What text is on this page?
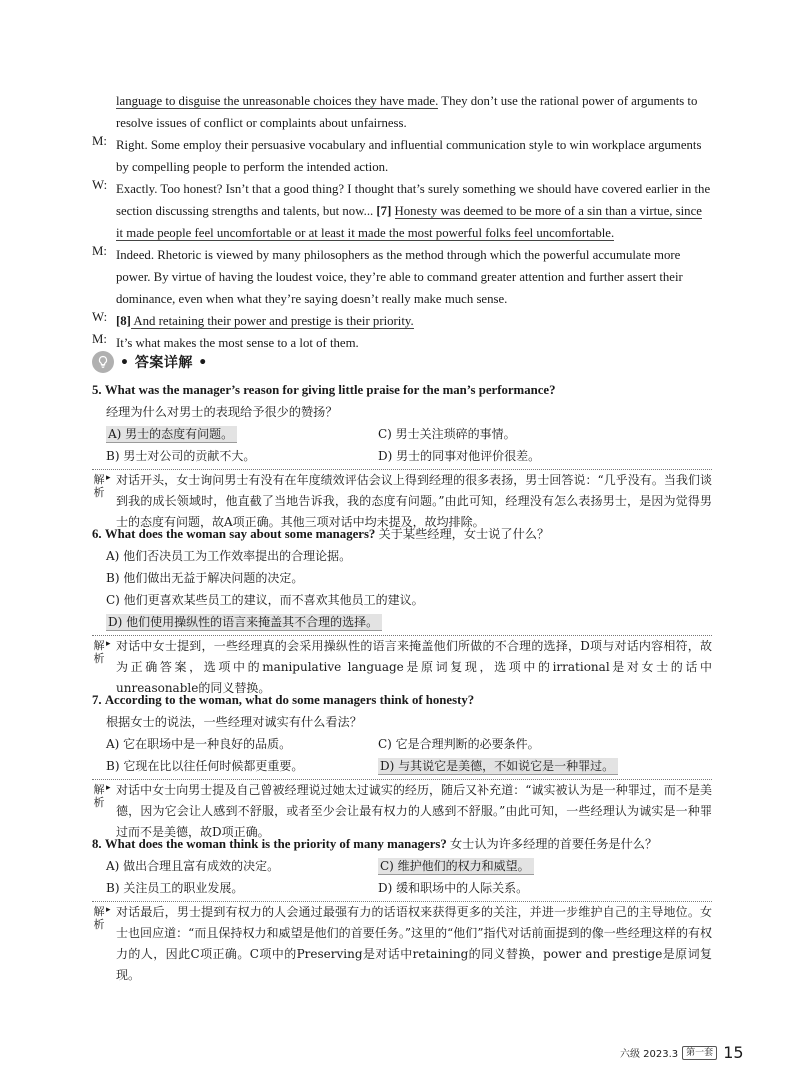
language to disguise the unreasonable choices they have made. They don’t use the rational power of arguments to resolve issues of conflict or complaints about unfairness.
M: Right. Some employ their persuasive vocabulary and influential communication style to win workplace arguments by compelling people to perform the intended action.
W: Exactly. Too honest? Isn’t that a good thing? I thought that’s surely something we should have covered earlier in the section discussing strengths and talents, but now... [7] Honesty was deemed to be more of a sin than a virtue, since it made people feel uncomfortable or at least it made the most powerful folks feel uncomfortable.
M: Indeed. Rhetoric is viewed by many philosophers as the method through which the powerful accumulate more power. By virtue of having the loudest voice, they’re able to command greater attention and further assert their dominance, even when what they’re saying doesn’t really make much sense.
W: [8] And retaining their power and prestige is their priority.
M: It’s what makes the most sense to a lot of them.
• 答案详解 •
5. What was the manager’s reason for giving little praise for the man’s performance?
经理为什么对男士的表现给予很少的赞扬？
A) 男士的态度有问题。	C) 男士关注琐碎的事情。
B) 男士对公司的贡献不大。	D) 男士的同事对他评价很差。
解
析
▸ 对话开头，女士询问男士有没有在年度绩效评估会议上得到经理的很多表扬，男士回答说：“几乎没有。当我们谈到我的成长领域时，他直截了当地告诉我，我的态度有问题。”由此可知，经理没有怎么表扬男士，是因为觉得男士的态度有问题，故A项正确。其他三项对话中均未提及，故均排除。
6. What does the woman say about some managers? 关于某些经理，女士说了什么？
A) 他们否决员工为工作效率提出的合理论据。
B) 他们做出无益于解决问题的决定。
C) 他们更喜欢某些员工的建议，而不喜欢其他员工的建议。
D) 他们使用操纵性的语言来掩盖其不合理的选择。
解
析
▸ 对话中女士提到，一些经理真的会采用操纵性的语言来掩盖他们所做的不合理的选择，D项与对话内容相符，故为正确答案，选项中的manipulative language是原词复现，选项中的irrational是对女士的话中unreasonable的同义替换。
7. According to the woman, what do some managers think of honesty?
根据女士的说法，一些经理对诚实有什么看法？
A) 它在职场中是一种良好的品质。	C) 它是合理判断的必要条件。
B) 它现在比以往任何时候都更重要。	D) 与其说它是美德，不如说它是一种罪过。
解
析
▸ 对话中女士向男士提及自己曾被经理说过她太过诚实的经历，随后又补充道：“诚实被认为是一种罪过，而不是美德，因为它会让人感到不舒服，或者至少会让最有权力的人感到不舒服。”由此可知，一些经理认为诚实是一种罪过而不是美德，故D项正确。
8. What does the woman think is the priority of many managers? 女士认为许多经理的首要任务是什么？
A) 做出合理且富有成效的决定。	C) 维护他们的权力和威望。
B) 关注员工的职业发展。	D) 缓和职场中的人际关系。
解
析
▸ 对话最后，男士提到有权力的人会通过最强有力的话语权来获得更多的关注，并进一步维护自己的主导地位。女士也回应道：“而且保持权力和威望是他们的首要任务。”这里的“他们”指代对话前面提到的像一些经理这样的有权力的人，因此C项正确。C项中的Preserving是对话中retaining的同义替换，power and prestige是原词复现。
六级 2023.3 第一套 15
